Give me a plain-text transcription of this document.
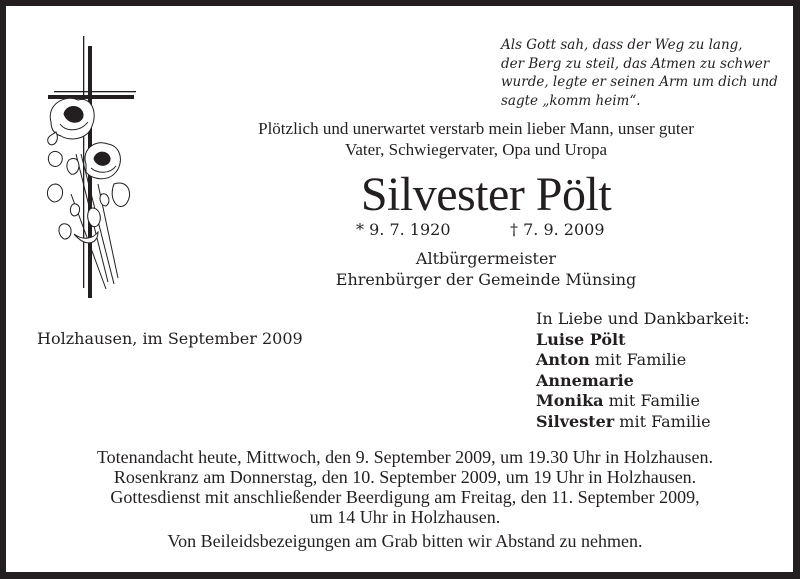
Als Gott sah, dass der Weg zu lang,
der Berg zu steil, das Atmen zu schwer
wurde, legte er seinen Arm um dich und
sagte „komm heim“.
Plötzlich und unerwartet verstarb mein lieber Mann, unser guter
Vater, Schwiegervater, Opa und Uropa
Silvester Pölt
* 9. 7. 1920	† 7. 9. 2009
Altbürgermeister
Ehrenbürger der Gemeinde Münsing
Holzhausen, im September 2009
In Liebe und Dankbarkeit:
Luise Pölt
Anton mit Familie
Annemarie
Monika mit Familie
Silvester mit Familie
Totenandacht heute, Mittwoch, den 9. September 2009, um 19.30 Uhr in Holzhausen.
Rosenkranz am Donnerstag, den 10. September 2009, um 19 Uhr in Holzhausen.
Gottesdienst mit anschließender Beerdigung am Freitag, den 11. September 2009,
um 14 Uhr in Holzhausen.
Von Beileidsbezeigungen am Grab bitten wir Abstand zu nehmen.
